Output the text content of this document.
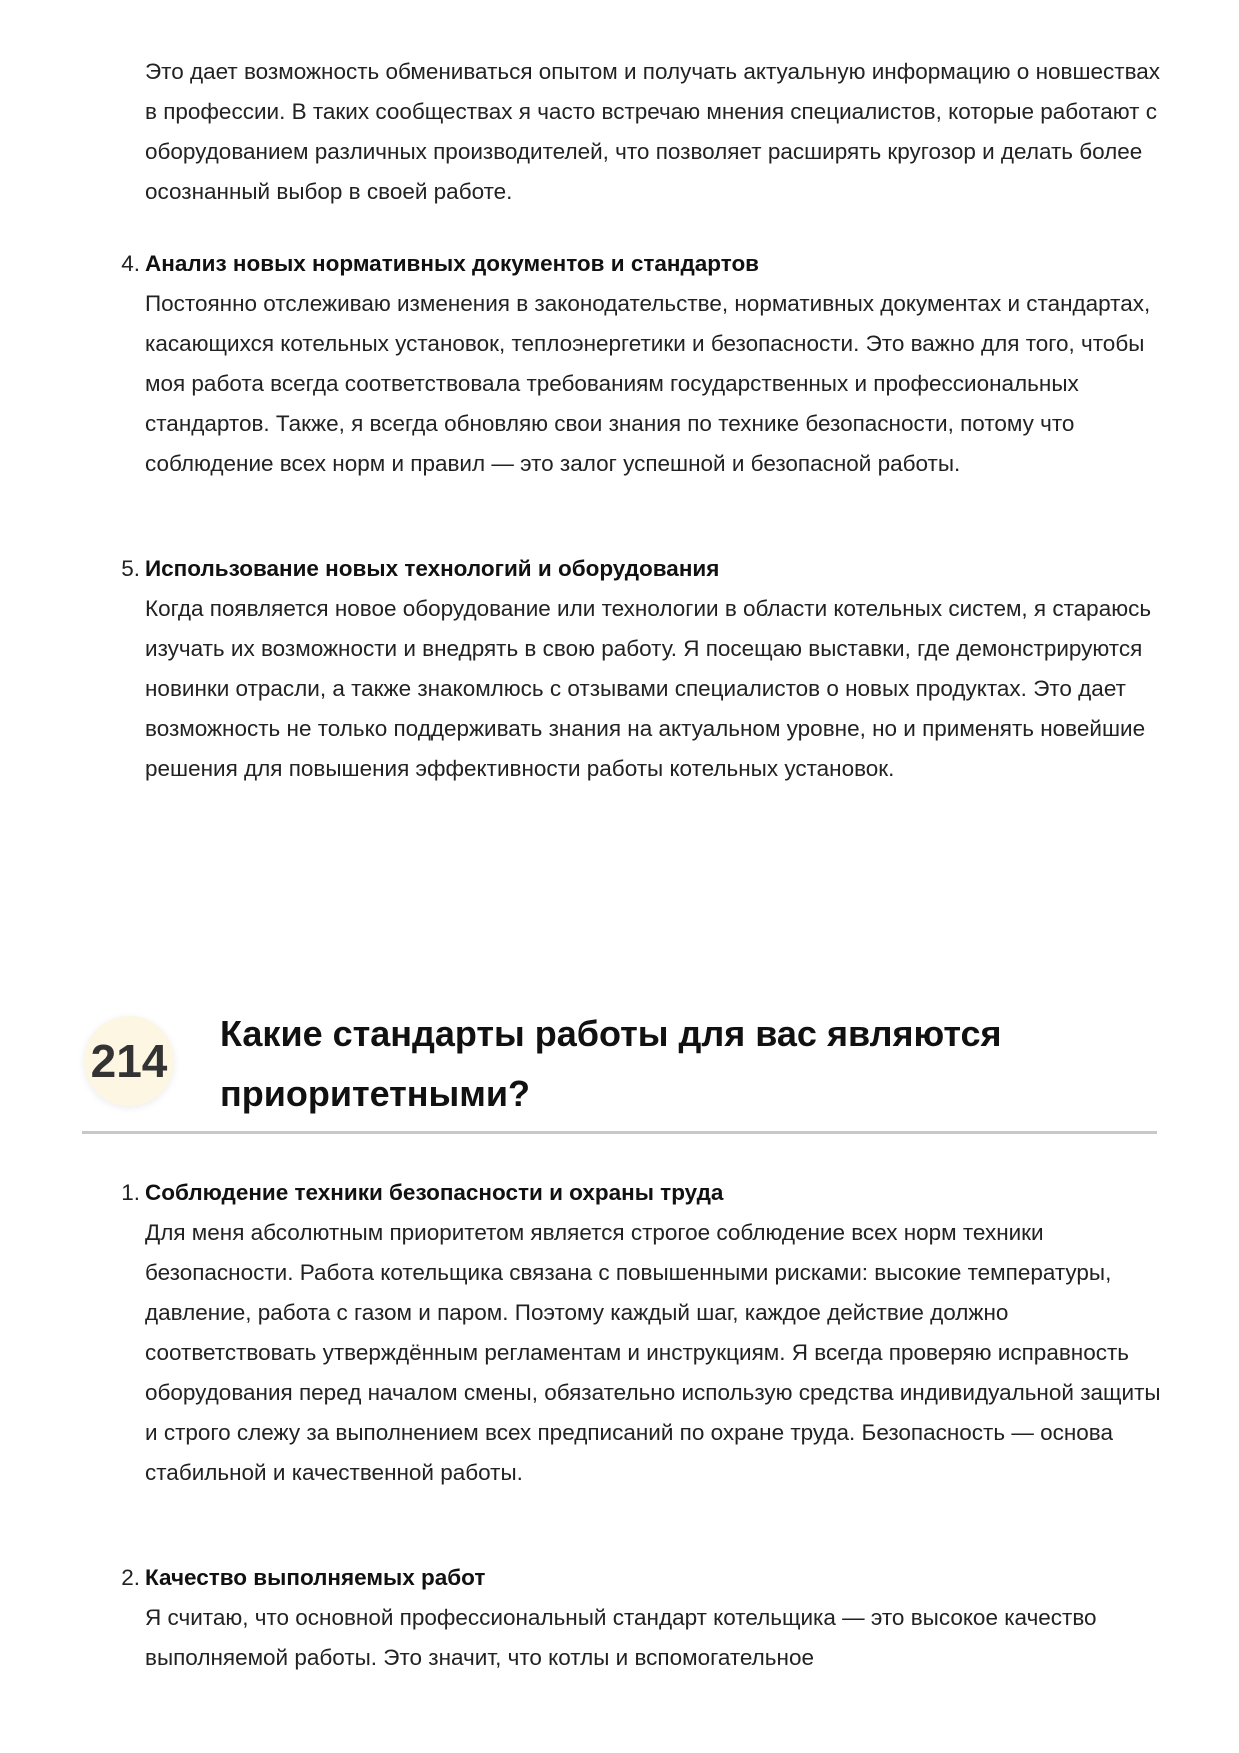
Это дает возможность обмениваться опытом и получать актуальную информацию о новшествах в профессии. В таких сообществах я часто встречаю мнения специалистов, которые работают с оборудованием различных производителей, что позволяет расширять кругозор и делать более осознанный выбор в своей работе.
4. Анализ новых нормативных документов и стандартов
Постоянно отслеживаю изменения в законодательстве, нормативных документах и стандартах, касающихся котельных установок, теплоэнергетики и безопасности. Это важно для того, чтобы моя работа всегда соответствовала требованиям государственных и профессиональных стандартов. Также, я всегда обновляю свои знания по технике безопасности, потому что соблюдение всех норм и правил — это залог успешной и безопасной работы.
5. Использование новых технологий и оборудования
Когда появляется новое оборудование или технологии в области котельных систем, я стараюсь изучать их возможности и внедрять в свою работу. Я посещаю выставки, где демонстрируются новинки отрасли, а также знакомлюсь с отзывами специалистов о новых продуктах. Это дает возможность не только поддерживать знания на актуальном уровне, но и применять новейшие решения для повышения эффективности работы котельных установок.
214
Какие стандарты работы для вас являются приоритетными?
1. Соблюдение техники безопасности и охраны труда
Для меня абсолютным приоритетом является строгое соблюдение всех норм техники безопасности. Работа котельщика связана с повышенными рисками: высокие температуры, давление, работа с газом и паром. Поэтому каждый шаг, каждое действие должно соответствовать утверждённым регламентам и инструкциям. Я всегда проверяю исправность оборудования перед началом смены, обязательно использую средства индивидуальной защиты и строго слежу за выполнением всех предписаний по охране труда. Безопасность — основа стабильной и качественной работы.
2. Качество выполняемых работ
Я считаю, что основной профессиональный стандарт котельщика — это высокое качество выполняемой работы. Это значит, что котлы и вспомогательное
